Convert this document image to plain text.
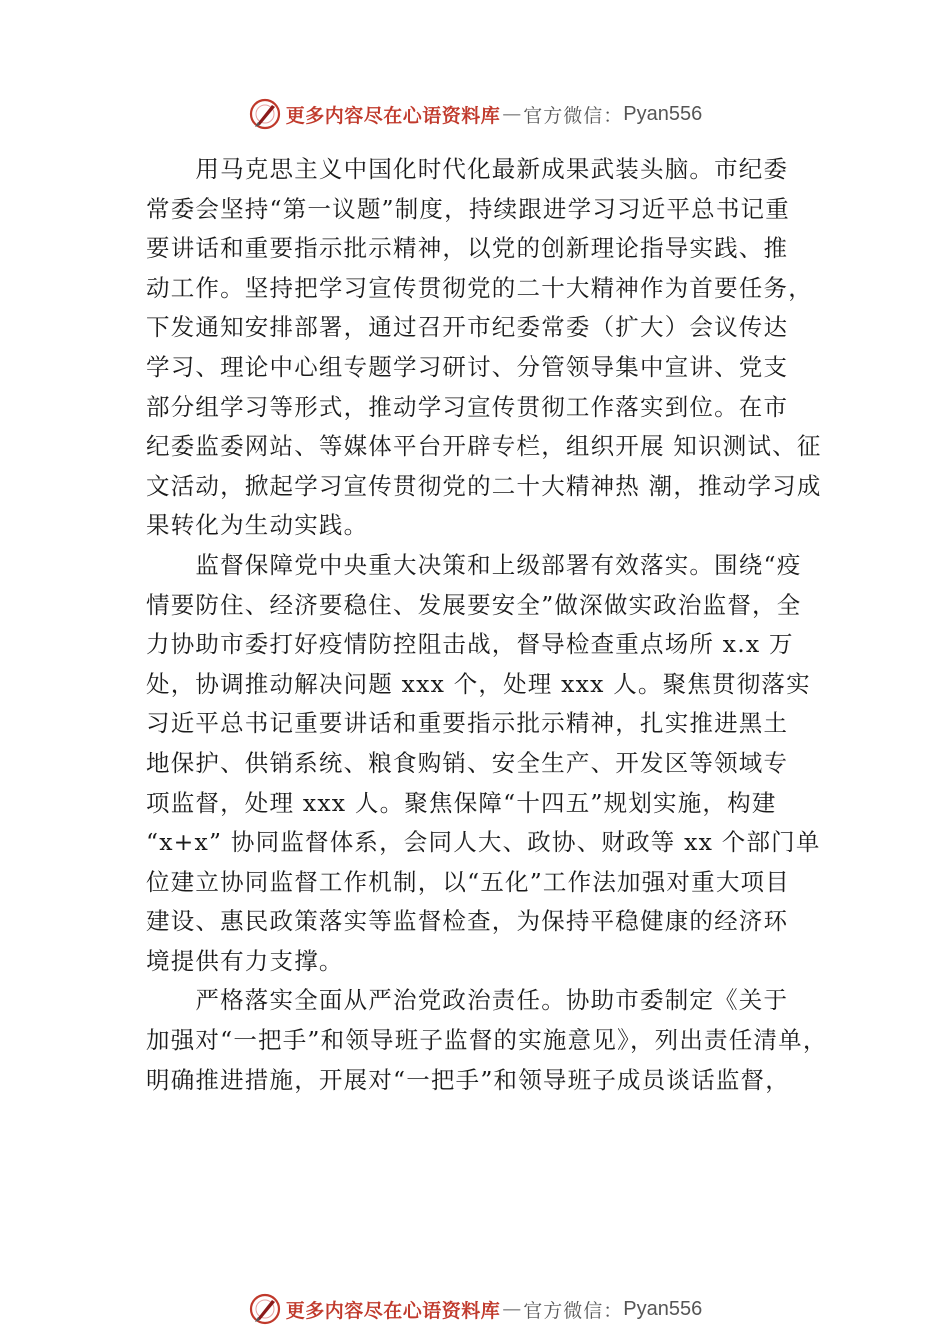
更多内容尽在心语资料库 — 官方微信： Pyan556

　　用马克思主义中国化时代化最新成果武装头脑。市纪委

常委会坚持“第一议题”制度，持续跟进学习习近平总书记重

要讲话和重要指示批示精神，以党的创新理论指导实践、推

动工作。坚持把学习宣传贯彻党的二十大精神作为首要任务，

下发通知安排部署，通过召开市纪委常委（扩大）会议传达

学习、理论中心组专题学习研讨、分管领导集中宣讲、党支

部分组学习等形式，推动学习宣传贯彻工作落实到位。在市

纪委监委网站、等媒体平台开辟专栏，组织开展 知识测试、征

文活动，掀起学习宣传贯彻党的二十大精神热 潮，推动学习成

果转化为生动实践。

　　监督保障党中央重大决策和上级部署有效落实。围绕“疫

情要防住、经济要稳住、发展要安全”做深做实政治监督，全

力协助市委打好疫情防控阻击战，督导检查重点场所 x.x 万

处，协调推动解决问题 xxx 个，处理 xxx 人。聚焦贯彻落实

习近平总书记重要讲话和重要指示批示精神，扎实推进黑土

地保护、供销系统、粮食购销、安全生产、开发区等领域专

项监督，处理 xxx 人。聚焦保障“十四五”规划实施，构建

“x+x” 协同监督体系，会同人大、政协、财政等 xx 个部门单

位建立协同监督工作机制，以“五化”工作法加强对重大项目

建设、惠民政策落实等监督检查，为保持平稳健康的经济环

境提供有力支撑。

　　严格落实全面从严治党政治责任。协助市委制定《关于

加强对“一把手”和领导班子监督的实施意见》，列出责任清单，

明确推进措施，开展对“一把手”和领导班子成员谈话监督，

更多内容尽在心语资料库 — 官方微信： Pyan556
